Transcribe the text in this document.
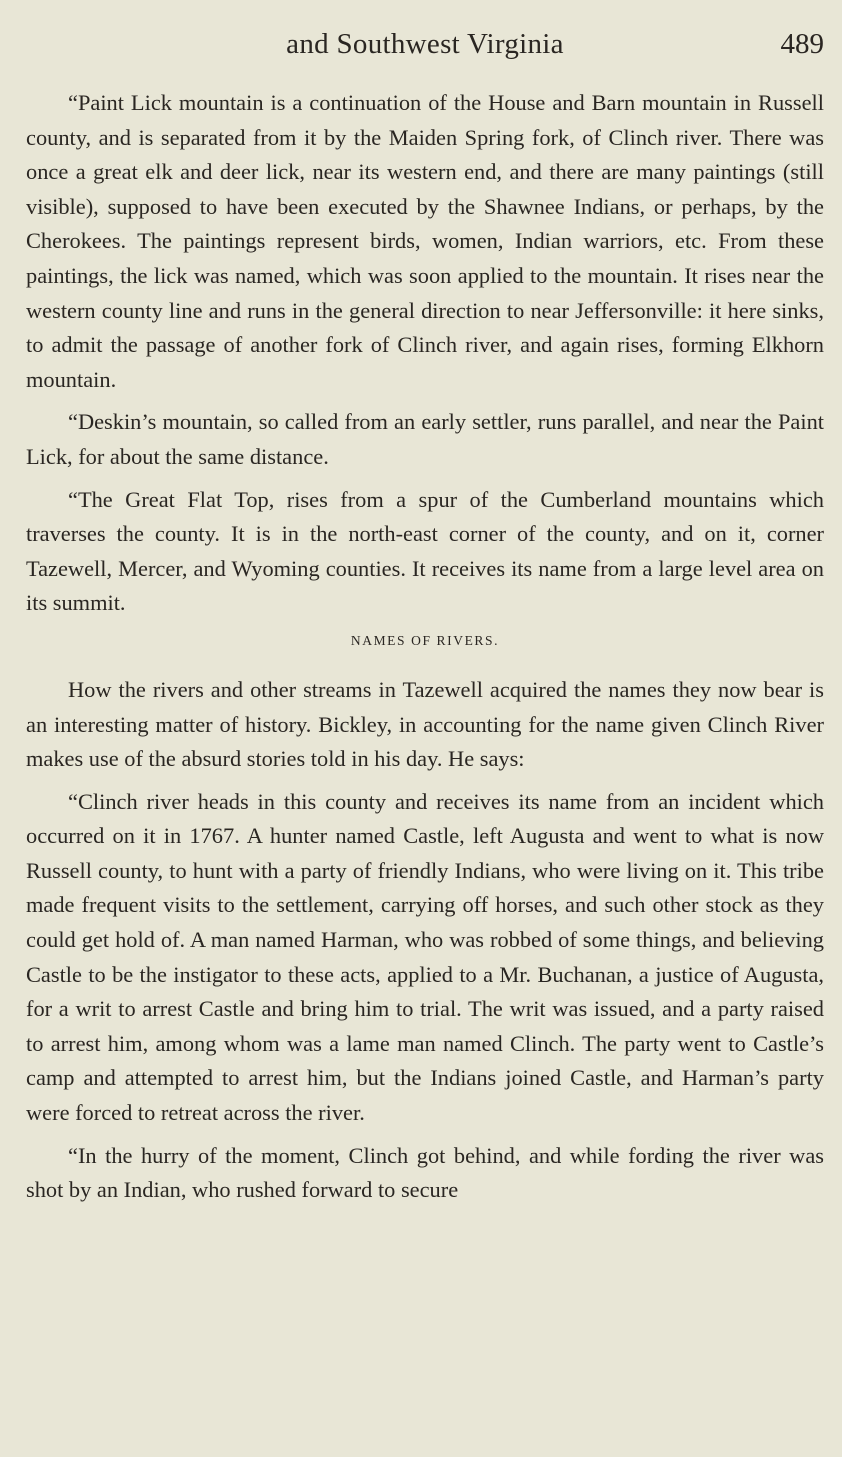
and Southwest Virginia	489

“Paint Lick mountain is a continuation of the House and Barn mountain in Russell county, and is separated from it by the Maiden Spring fork, of Clinch river. There was once a great elk and deer lick, near its western end, and there are many paintings (still visible), supposed to have been executed by the Shawnee Indians, or perhaps, by the Cherokees. The paintings represent birds, women, Indian warriors, etc. From these paintings, the lick was named, which was soon applied to the mountain. It rises near the western county line and runs in the general direction to near Jeffersonville: it here sinks, to admit the passage of another fork of Clinch river, and again rises, forming Elkhorn mountain.

“Deskin’s mountain, so called from an early settler, runs parallel, and near the Paint Lick, for about the same distance.

“The Great Flat Top, rises from a spur of the Cumberland mountains which traverses the county. It is in the north-east corner of the county, and on it, corner Tazewell, Mercer, and Wyoming counties. It receives its name from a large level area on its summit.

NAMES OF RIVERS.

How the rivers and other streams in Tazewell acquired the names they now bear is an interesting matter of history. Bickley, in accounting for the name given Clinch River makes use of the absurd stories told in his day. He says:

“Clinch river heads in this county and receives its name from an incident which occurred on it in 1767. A hunter named Castle, left Augusta and went to what is now Russell county, to hunt with a party of friendly Indians, who were living on it. This tribe made frequent visits to the settlement, carrying off horses, and such other stock as they could get hold of. A man named Harman, who was robbed of some things, and believing Castle to be the instigator to these acts, applied to a Mr. Buchanan, a justice of Augusta, for a writ to arrest Castle and bring him to trial. The writ was issued, and a party raised to arrest him, among whom was a lame man named Clinch. The party went to Castle’s camp and attempted to arrest him, but the Indians joined Castle, and Harman’s party were forced to retreat across the river.

“In the hurry of the moment, Clinch got behind, and while fording the river was shot by an Indian, who rushed forward to secure
